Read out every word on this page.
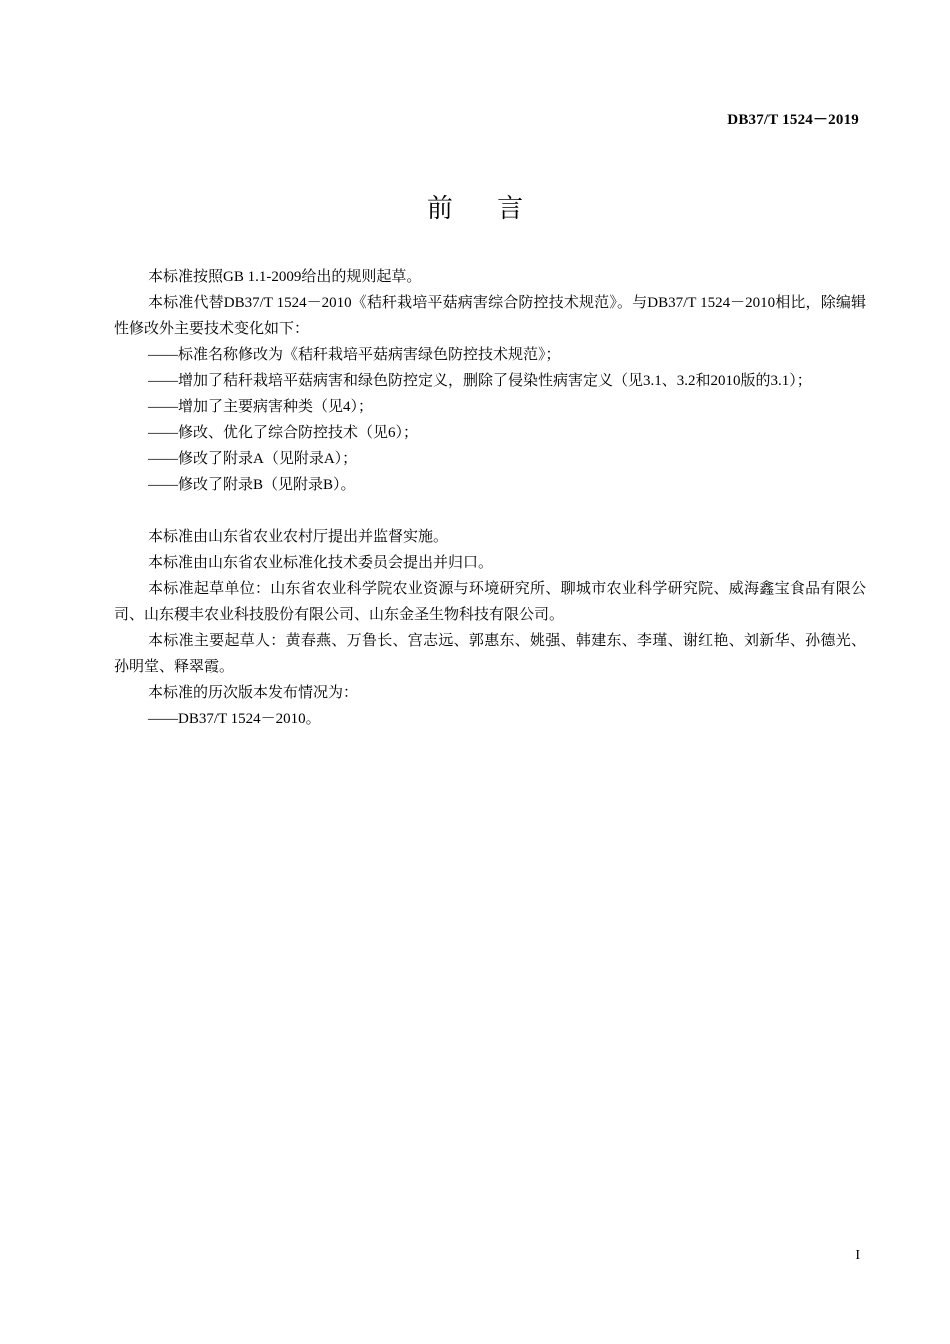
DB37/T 1524－2019
前 言

本标准按照GB 1.1-2009给出的规则起草。

本标准代替DB37/T 1524－2010《秸秆栽培平菇病害综合防控技术规范》。与DB37/T 1524－2010相比，除编辑性修改外主要技术变化如下：

——标准名称修改为《秸秆栽培平菇病害绿色防控技术规范》；

——增加了秸秆栽培平菇病害和绿色防控定义，删除了侵染性病害定义（见3.1、3.2和2010版的3.1）；

——增加了主要病害种类（见4）；

——修改、优化了综合防控技术（见6）；

——修改了附录A（见附录A）；

——修改了附录B（见附录B）。

本标准由山东省农业农村厅提出并监督实施。

本标准由山东省农业标准化技术委员会提出并归口。

本标准起草单位：山东省农业科学院农业资源与环境研究所、聊城市农业科学研究院、威海鑫宝食品有限公司、山东稷丰农业科技股份有限公司、山东金圣生物科技有限公司。

本标准主要起草人：黄春燕、万鲁长、宫志远、郭惠东、姚强、韩建东、李瑾、谢红艳、刘新华、孙德光、孙明堂、释翠霞。

本标准的历次版本发布情况为：

——DB37/T 1524－2010。

I
